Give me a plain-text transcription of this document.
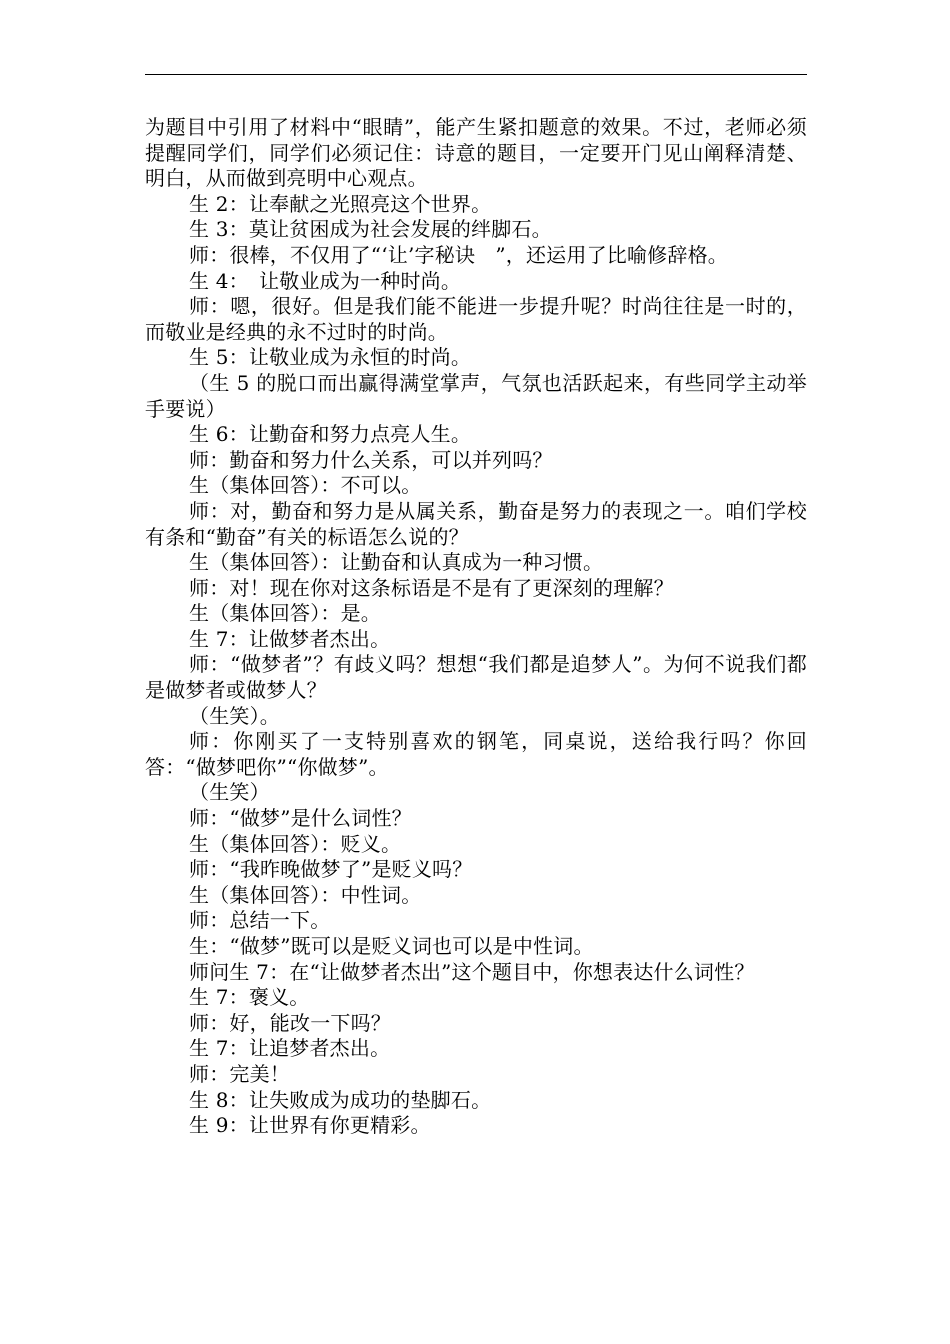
为题目中引用了材料中“眼睛”，能产生紧扣题意的效果。不过，老师必须提醒同学们，同学们必须记住：诗意的题目，一定要开门见山阐释清楚、明白，从而做到亮明中心观点。

生 2：让奉献之光照亮这个世界。

生 3：莫让贫困成为社会发展的绊脚石。

师：很棒，不仅用了“‘让’字秘诀　”，还运用了比喻修辞格。

生 4：　让敬业成为一种时尚。

师：嗯，很好。但是我们能不能进一步提升呢？时尚往往是一时的，而敬业是经典的永不过时的时尚。

生 5：让敬业成为永恒的时尚。

（生 5 的脱口而出赢得满堂掌声，气氛也活跃起来，有些同学主动举手要说）

生 6：让勤奋和努力点亮人生。

师：勤奋和努力什么关系，可以并列吗？

生（集体回答）：不可以。

师：对，勤奋和努力是从属关系，勤奋是努力的表现之一。咱们学校有条和“勤奋”有关的标语怎么说的？

生（集体回答）：让勤奋和认真成为一种习惯。

师：对！现在你对这条标语是不是有了更深刻的理解？

生（集体回答）：是。

生 7：让做梦者杰出。

师：“做梦者”？有歧义吗？想想“我们都是追梦人”。为何不说我们都是做梦者或做梦人？

（生笑）。

师：你刚买了一支特别喜欢的钢笔，同桌说，送给我行吗？你回答：“做梦吧你”“你做梦”。

（生笑）

师：“做梦”是什么词性？

生（集体回答）：贬义。

师：“我昨晚做梦了”是贬义吗？

生（集体回答）：中性词。

师：总结一下。

生：“做梦”既可以是贬义词也可以是中性词。

师问生 7：在“让做梦者杰出”这个题目中，你想表达什么词性？

生 7：褒义。

师：好，能改一下吗？

生 7：让追梦者杰出。

师：完美！

生 8：让失败成为成功的垫脚石。

生 9：让世界有你更精彩。
